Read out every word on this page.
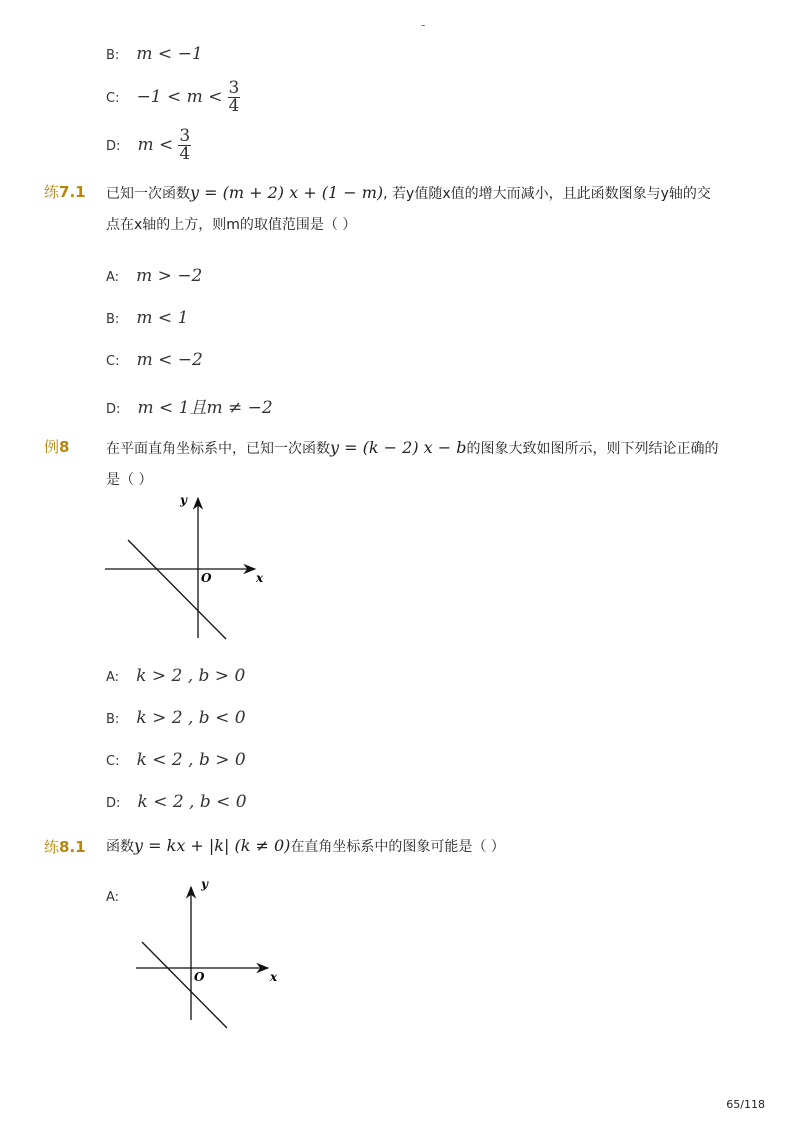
-
B: m < −1
C: $-1 < m < \frac{3}{4}$
D: $m < \frac{3}{4}$
练7.1 已知一次函数y = (m + 2) x + (1 − m), 若y值随x值的增大而减小，且此函数图象与y轴的交
点在x轴的上方，则m的取值范围是（ ）
A: m > −2
B: m < 1
C: m < −2
D: m < 1且m ≠ −2
例8	在平面直角坐标系中，已知一次函数y = (k − 2) x − b的图象大致如图所示，则下列结论正确的
是（ ）
y
x
O
A: k > 2 , b > 0
B: k > 2 , b < 0
C: k < 2 , b > 0
D: k < 2 , b < 0
练8.1 函数y = kx + |k| (k ≠ 0)在直角坐标系中的图象可能是（ ）
A:
y
x
O
65/118
